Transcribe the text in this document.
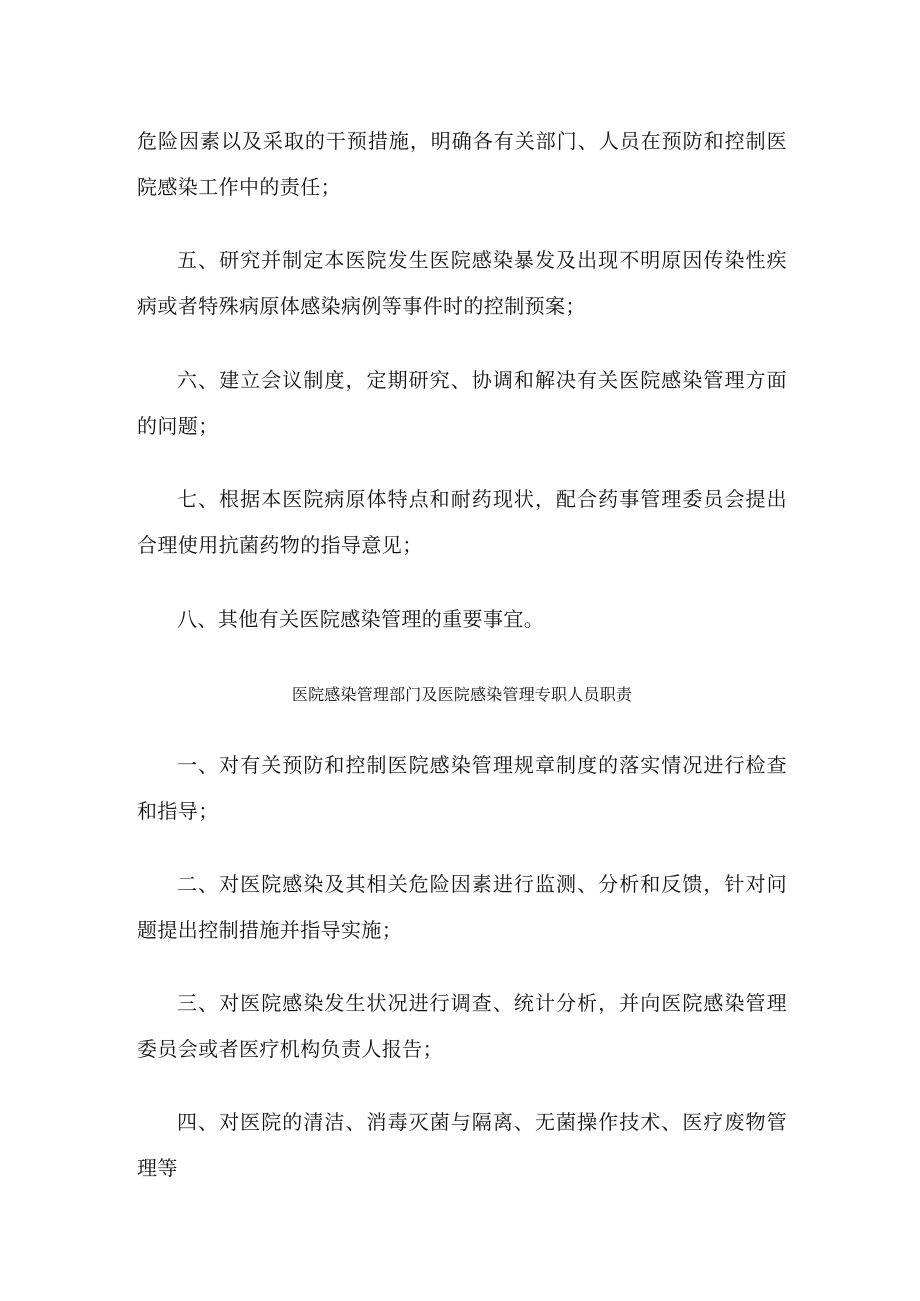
危险因素以及采取的干预措施，明确各有关部门、人员在预防和控制医院感染工作中的责任；

五、研究并制定本医院发生医院感染暴发及出现不明原因传染性疾病或者特殊病原体感染病例等事件时的控制预案；

六、建立会议制度，定期研究、协调和解决有关医院感染管理方面的问题；

七、根据本医院病原体特点和耐药现状，配合药事管理委员会提出合理使用抗菌药物的指导意见；

八、其他有关医院感染管理的重要事宜。

医院感染管理部门及医院感染管理专职人员职责

一、对有关预防和控制医院感染管理规章制度的落实情况进行检查和指导；

二、对医院感染及其相关危险因素进行监测、分析和反馈，针对问题提出控制措施并指导实施；

三、对医院感染发生状况进行调查、统计分析，并向医院感染管理委员会或者医疗机构负责人报告；

四、对医院的清洁、消毒灭菌与隔离、无菌操作技术、医疗废物管理等
